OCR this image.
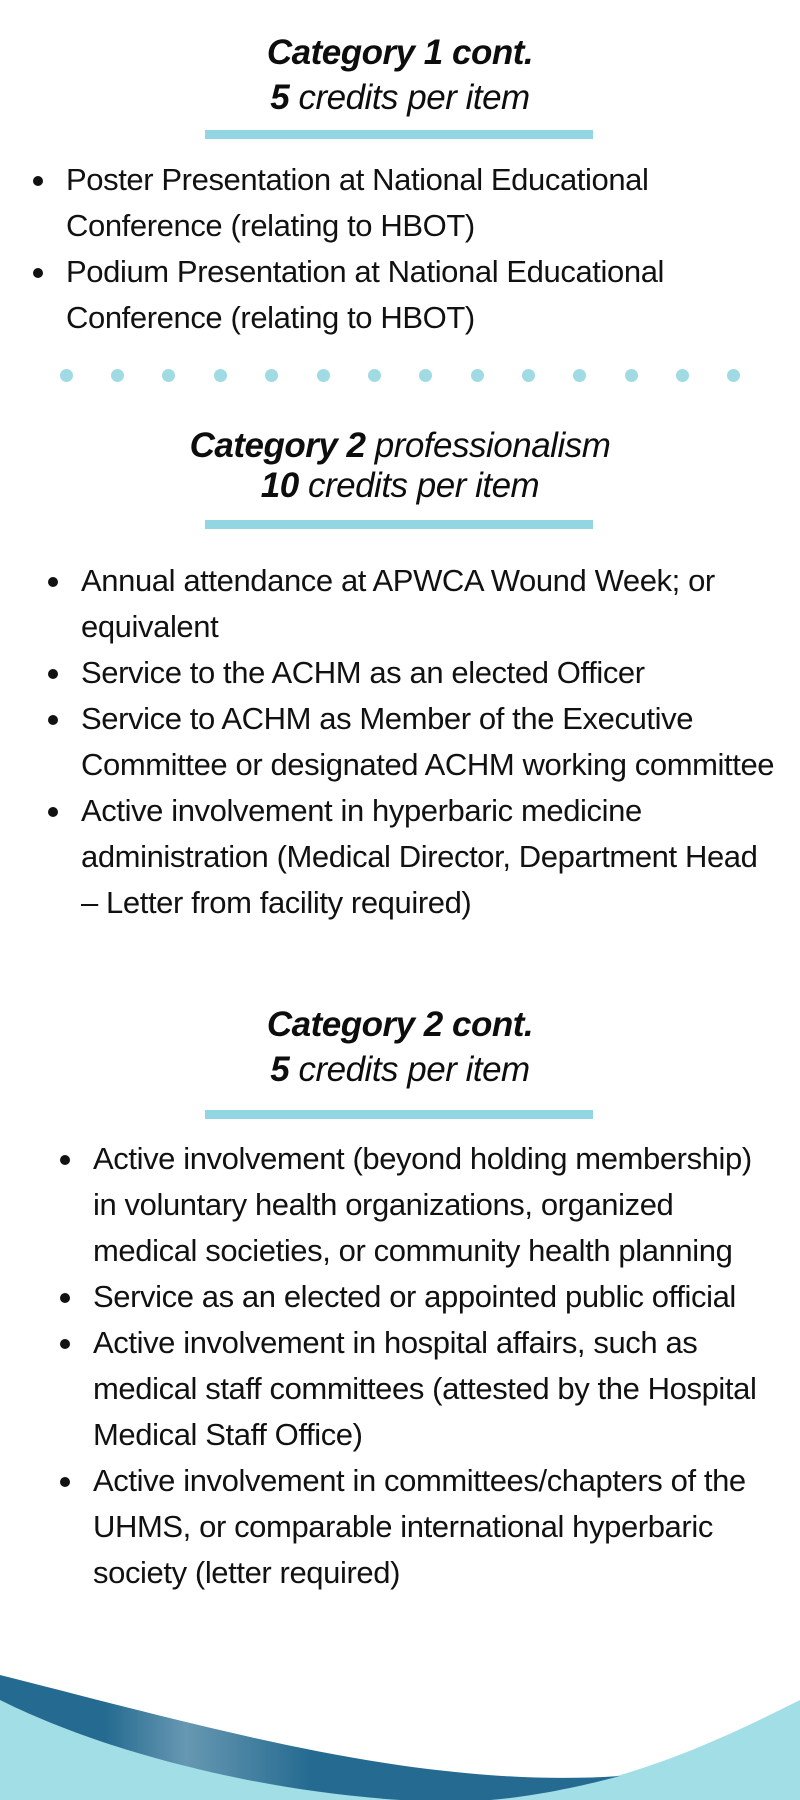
Category 1 cont.
5 credits per item
Poster Presentation at National Educational Conference (relating to HBOT)
Podium Presentation at National Educational Conference (relating to HBOT)
Category 2 professionalism
10 credits per item
Annual attendance at APWCA Wound Week; or equivalent
Service to the ACHM as an elected Officer
Service to ACHM as Member of the Executive Committee or designated ACHM working committee
Active involvement in hyperbaric medicine administration (Medical Director, Department Head – Letter from facility required)
Category 2 cont.
5 credits per item
Active involvement (beyond holding membership) in voluntary health organizations, organized medical societies, or community health planning
Service as an elected or appointed public official
Active involvement in hospital affairs, such as medical staff committees (attested by the Hospital Medical Staff Office)
Active involvement in committees/chapters of the UHMS, or comparable international hyperbaric society (letter required)
